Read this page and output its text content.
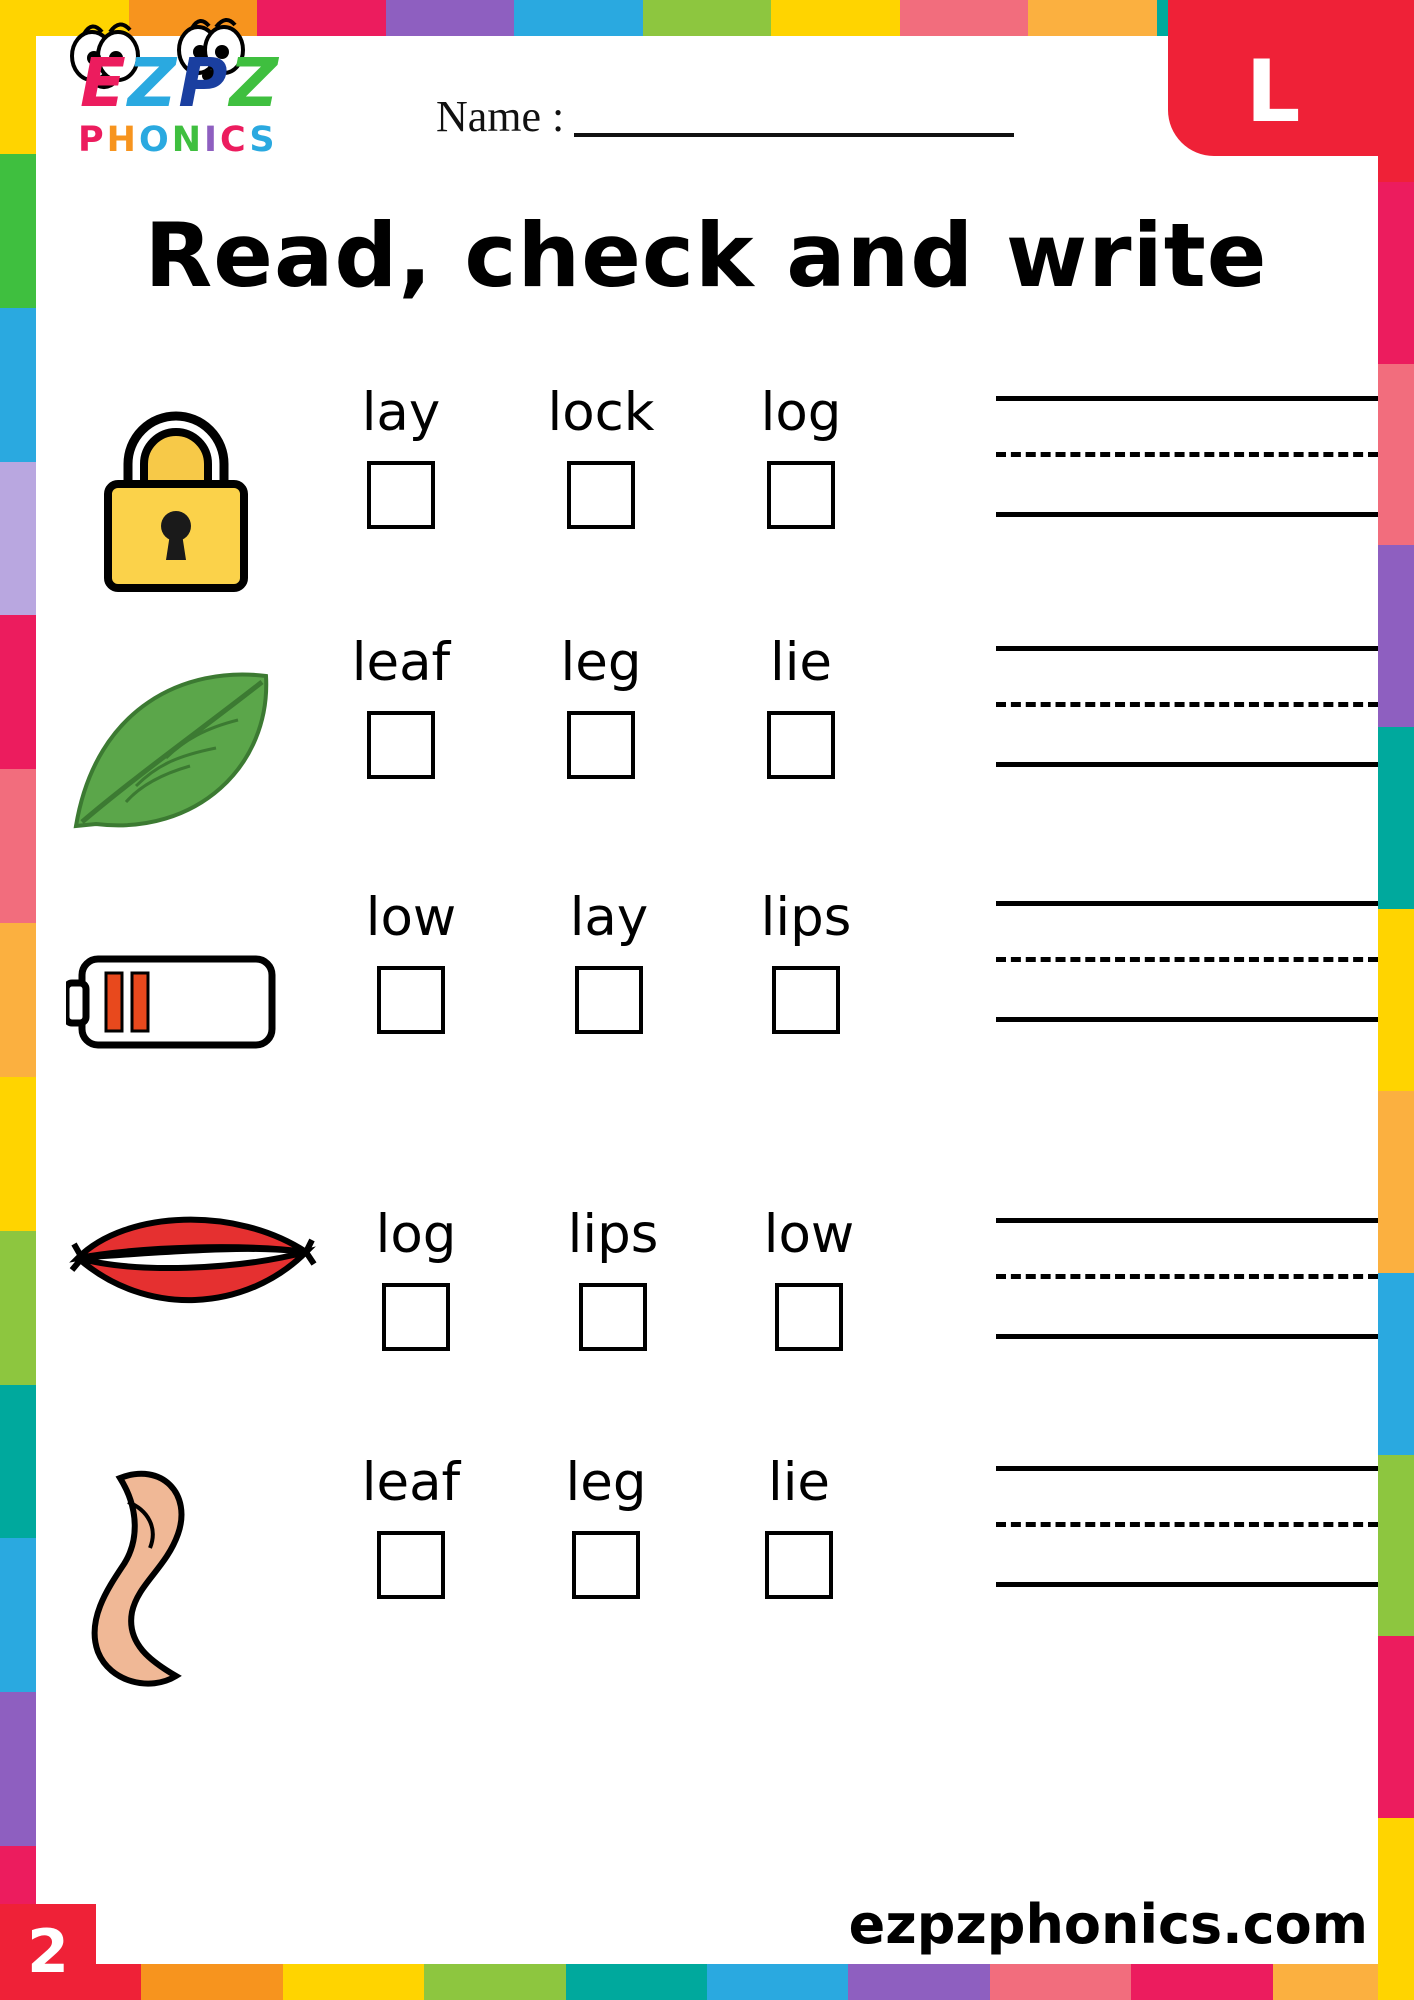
EZPZ
PHONICS	Name :	L
Read, check and write
lay	lock	log
leaf	leg	lie
low	lay	lips
log	lips	low
leaf	leg	lie
2	ezpzphonics.com
